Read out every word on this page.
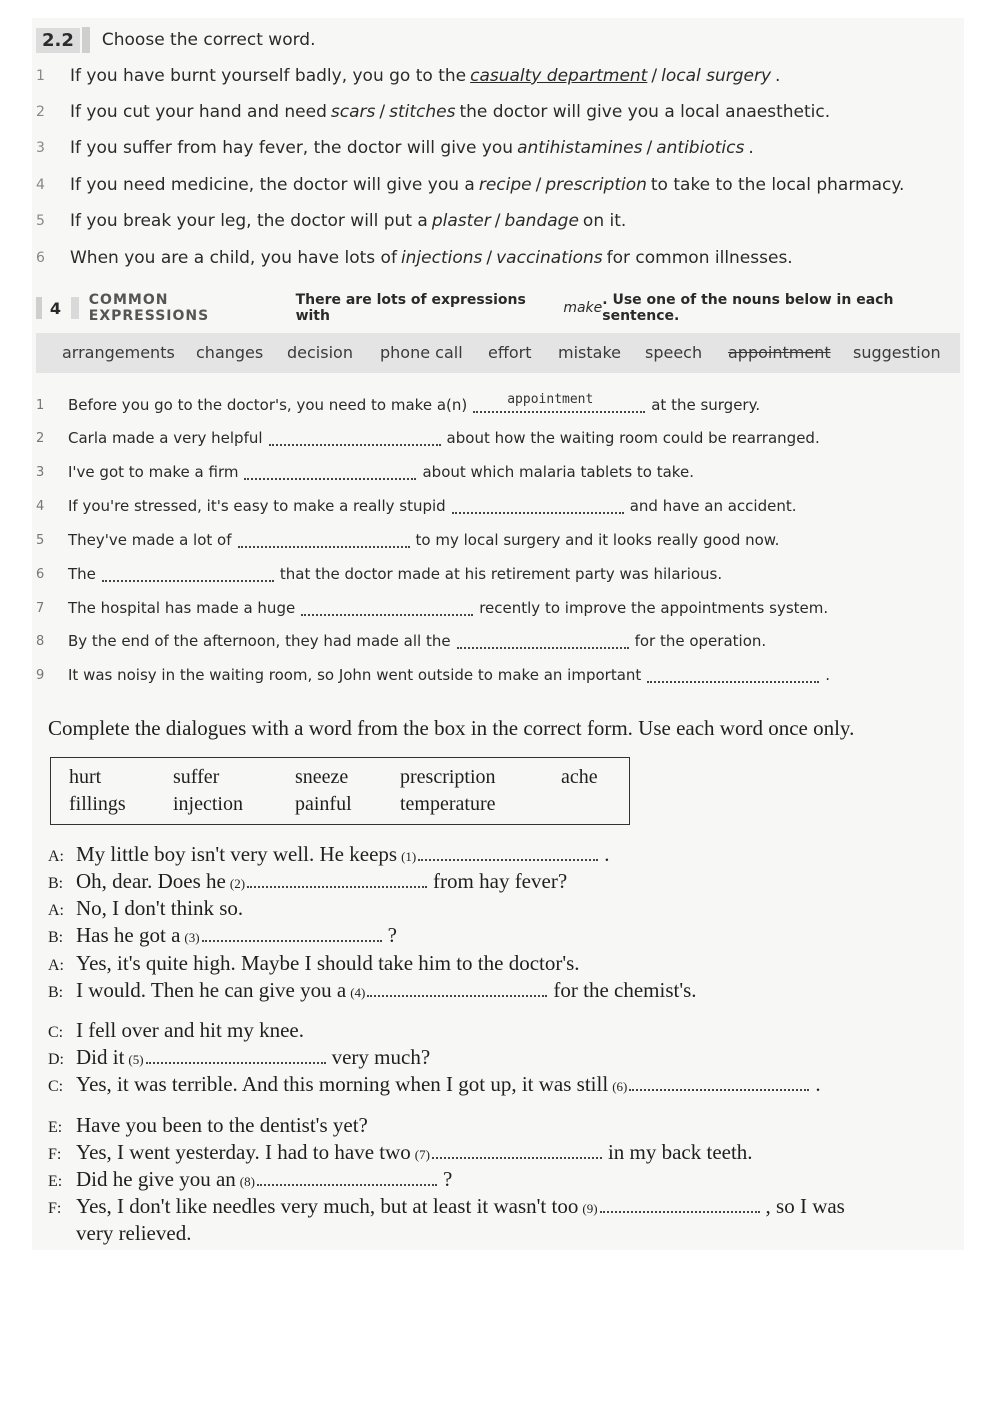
2.2	Choose the correct word.
1	If you have burnt yourself badly, you go to the casualty department / local surgery .
2	If you cut your hand and need scars / stitches the doctor will give you a local anaesthetic.
3	If you suffer from hay fever, the doctor will give you antihistamines / antibiotics .
4	If you need medicine, the doctor will give you a recipe / prescription to take to the local pharmacy.
5	If you break your leg, the doctor will put a plaster / bandage on it.
6	When you are a child, you have lots of injections / vaccinations for common illnesses.
4 COMMON EXPRESSIONS
There are lots of expressions with	make . Use one of the nouns below in each sentence.
arrangements changes decision phone call effort mistake speech appointment suggestion
1	Before you go to the doctor's, you need to make a(n)	appointment	at the surgery.
2	Carla made a very helpful	about how the waiting room could be rearranged.
3	I've got to make a firm	about which malaria tablets to take.
4	If you're stressed, it's easy to make a really stupid	and have an accident.
5	They've made a lot of	to my local surgery and it looks really good now.
6	The	that the doctor made at his retirement party was hilarious.
7	The hospital has made a huge	recently to improve the appointments system.
8	By the end of the afternoon, they had made all the	for the operation.
9	It was noisy in the waiting room, so John went outside to make an important	.
Complete the dialogues with a word from the box in the correct form. Use each word once only.
hurt	suffer	sneeze	prescription	ache
fillings injection	painful temperature
A: My little boy isn't very well. He keeps (1)	.
B: Oh, dear. Does he (2)	from hay fever?
A: No, I don't think so.
B: Has he got a (3)	?
A: Yes, it's quite high. Maybe I should take him to the doctor's.
B: I would. Then he can give you a (4)	for the chemist's.
C: I fell over and hit my knee.
D: Did it (5)	very much?
C: Yes, it was terrible. And this morning when I got up, it was still (6)	.
E: Have you been to the dentist's yet?
F: Yes, I went yesterday. I had to have two (7)	in my back teeth.
E: Did he give you an (8)	?
F: Yes, I don't like needles very much, but at least it wasn't too (9)	, so I was
very relieved.
